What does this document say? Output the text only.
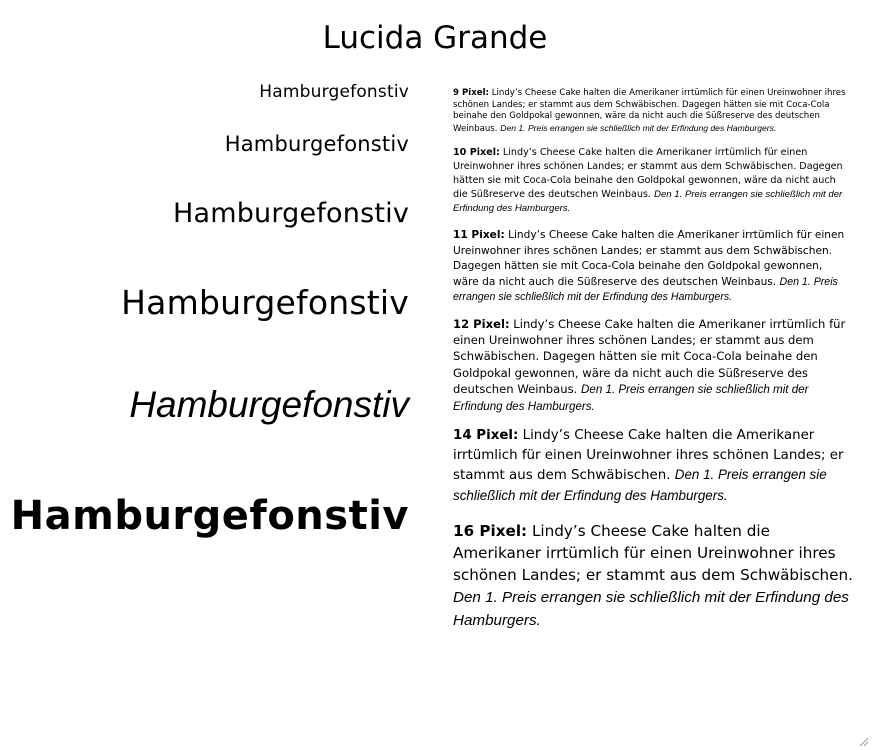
Lucida Grande
Hamburgefonstiv
Hamburgefonstiv
Hamburgefonstiv
Hamburgefonstiv
Hamburgefonstiv
Hamburgefonstiv

9 Pixel: Lindy’s Cheese Cake halten die Amerikaner irrtümlich für einen Ureinwohner ihres schönen Landes; er stammt aus dem Schwäbischen. Dagegen hätten sie mit Coca-Cola beinahe den Goldpokal gewonnen, wäre da nicht auch die Süßreserve des deutschen Weinbaus. Den 1. Preis errangen sie schließlich mit der Erfindung des Hamburgers.

10 Pixel: Lindy’s Cheese Cake halten die Amerikaner irrtümlich für einen Ureinwohner ihres schönen Landes; er stammt aus dem Schwäbischen. Dagegen hätten sie mit Coca-Cola beinahe den Goldpokal gewonnen, wäre da nicht auch die Süßreserve des deutschen Weinbaus. Den 1. Preis errangen sie schließlich mit der Erfindung des Hamburgers.

11 Pixel: Lindy’s Cheese Cake halten die Amerikaner irrtümlich für einen Ureinwohner ihres schönen Landes; er stammt aus dem Schwäbischen. Dagegen hätten sie mit Coca-Cola beinahe den Goldpokal gewonnen, wäre da nicht auch die Süßreserve des deutschen Weinbaus. Den 1. Preis errangen sie schließlich mit der Erfindung des Hamburgers.

12 Pixel: Lindy’s Cheese Cake halten die Amerikaner irrtümlich für einen Ureinwohner ihres schönen Landes; er stammt aus dem Schwäbischen. Dagegen hätten sie mit Coca-Cola beinahe den Goldpokal gewonnen, wäre da nicht auch die Süßreserve des deutschen Weinbaus. Den 1. Preis errangen sie schließlich mit der Erfindung des Hamburgers.

14 Pixel: Lindy’s Cheese Cake halten die Amerikaner irrtümlich für einen Ureinwohner ihres schönen Landes; er stammt aus dem Schwäbischen. Den 1. Preis errangen sie schließlich mit der Erfindung des Hamburgers.

16 Pixel: Lindy’s Cheese Cake halten die Amerikaner irrtümlich für einen Ureinwohner ihres schönen Landes; er stammt aus dem Schwäbischen. Den 1. Preis errangen sie schließlich mit der Erfindung des Hamburgers.
